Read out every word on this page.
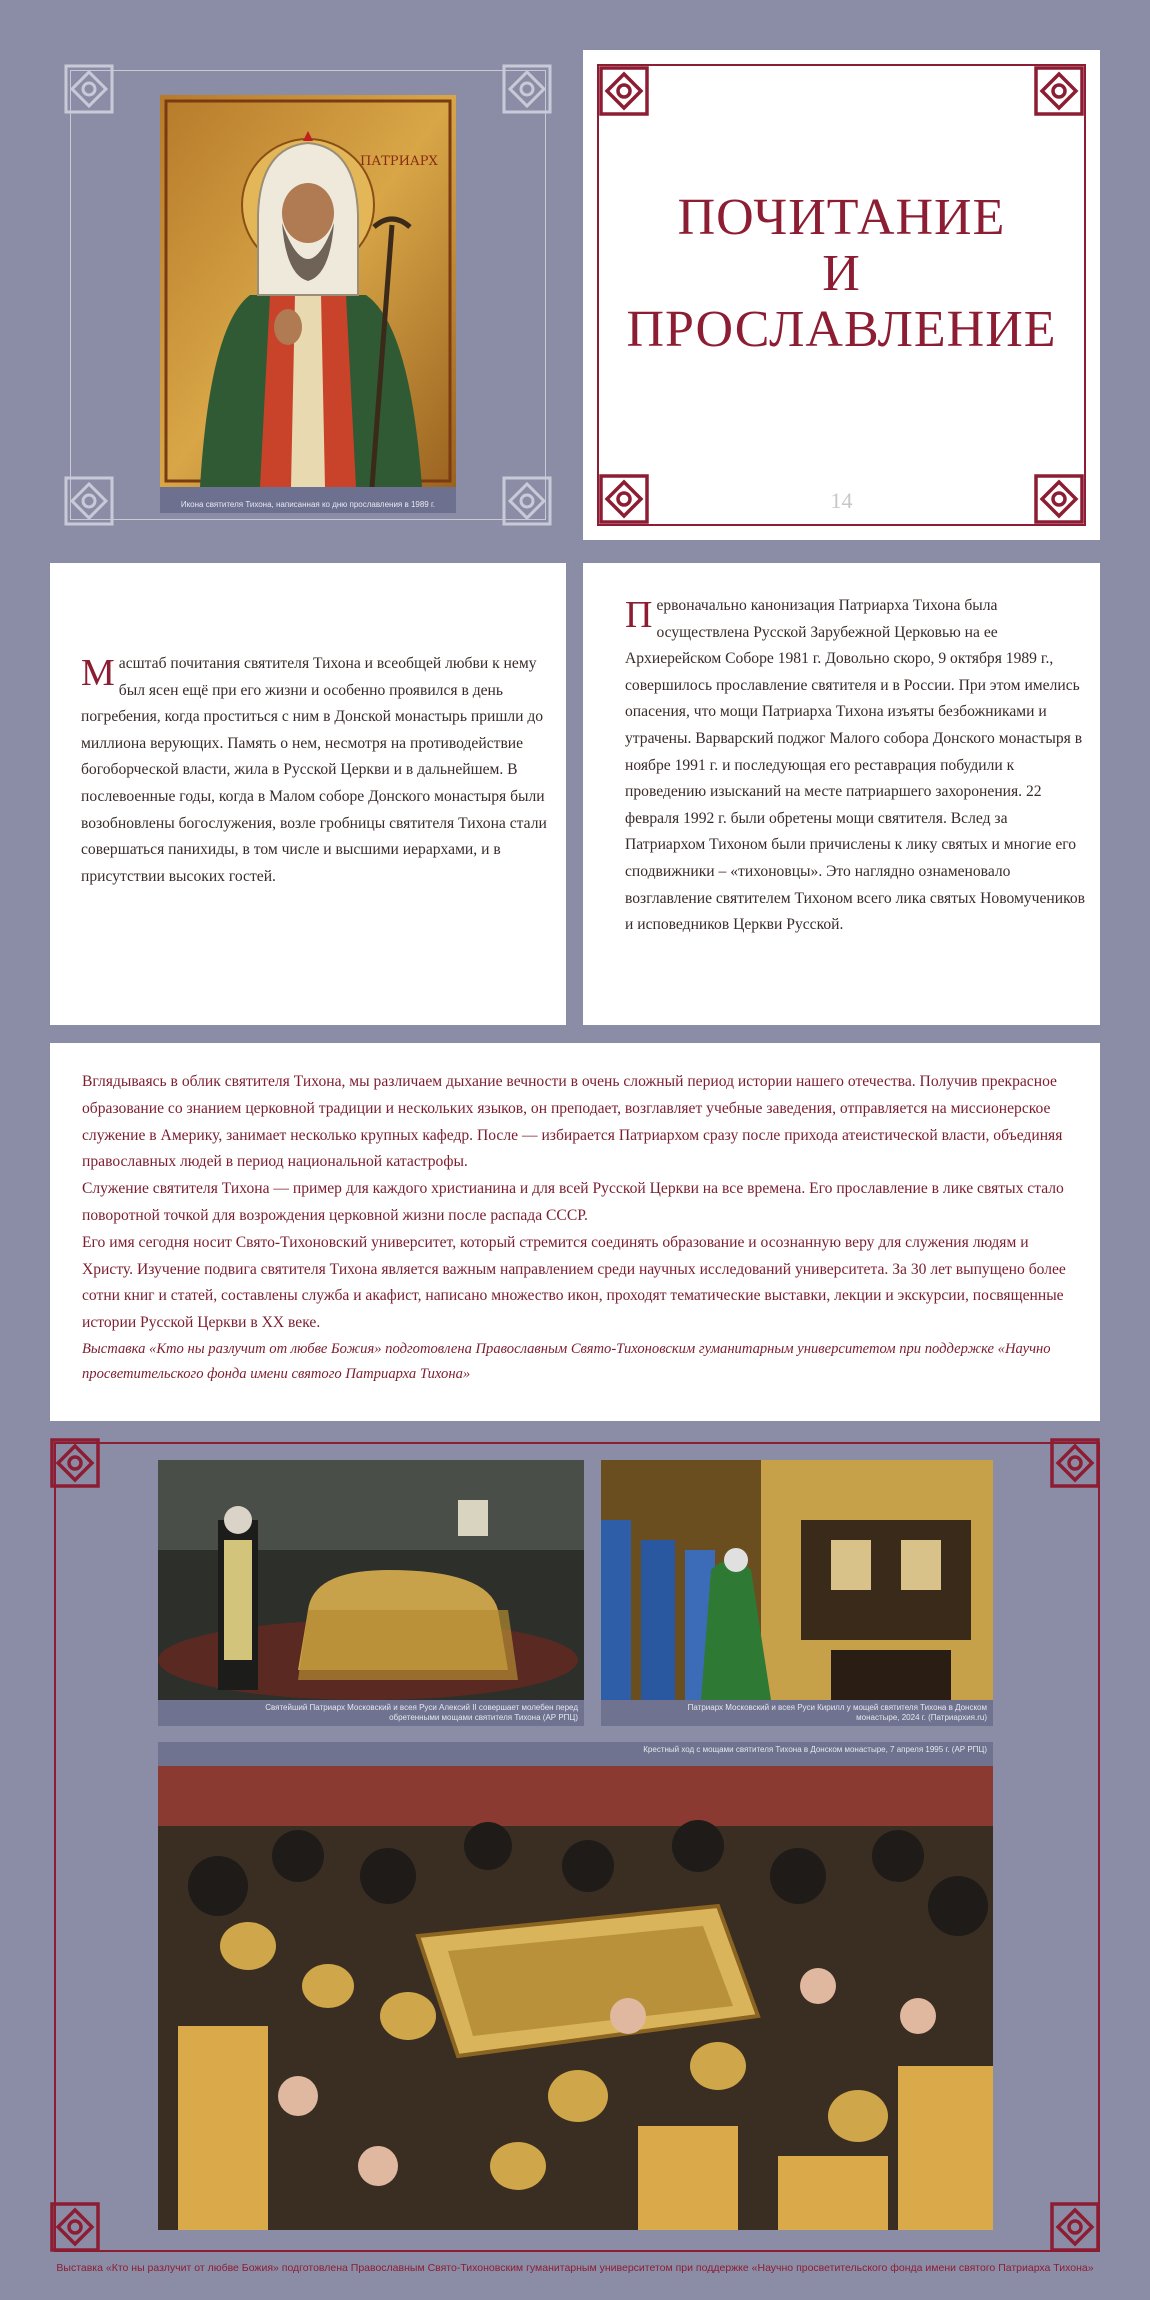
ПАТРИАРХ
Икона святителя Тихона, написанная ко дню прославления в 1989 г.
ПОЧИТАНИЕ
И
ПРОСЛАВЛЕНИЕ
14
Масштаб почитания святителя Тихона и всеобщей любви к нему был ясен ещё при его жизни и особенно проявился в день погребения, когда проститься с ним в Донской монастырь пришли до миллиона верующих. Память о нем, несмотря на противодействие богоборческой власти, жила в Русской Церкви и в дальнейшем. В послевоенные годы, когда в Малом соборе Донского монастыря были возобновлены богослужения, возле гробницы святителя Тихона стали совершаться панихиды, в том числе и высшими иерархами, и в присутствии высоких гостей.
Первоначально канонизация Патриарха Тихона была осуществлена Русской Зарубежной Церковью на ее Архиерейском Соборе 1981 г. Довольно скоро, 9 октября 1989 г., совершилось прославление святителя и в России. При этом имелись опасения, что мощи Патриарха Тихона изъяты безбожниками и утрачены. Варварский поджог Малого собора Донского монастыря в ноябре 1991 г. и последующая его реставрация побудили к проведению изысканий на месте патриаршего захоронения. 22 февраля 1992 г. были обретены мощи святителя. Вслед за Патриархом Тихоном были причислены к лику святых и многие его сподвижники – «тихоновцы». Это наглядно ознаменовало возглавление святителем Тихоном всего лика святых Новомучеников и исповедников Церкви Русской.

Вглядываясь в облик святителя Тихона, мы различаем дыхание вечности в очень сложный период истории нашего отечества. Получив прекрасное образование со знанием церковной традиции и нескольких языков, он преподает, возглавляет учебные заведения, отправляется на миссионерское служение в Америку, занимает несколько крупных кафедр. После — избирается Патриархом сразу после прихода атеистической власти, объединяя православных людей в период национальной катастрофы.

Служение святителя Тихона — пример для каждого христианина и для всей Русской Церкви на все времена. Его прославление в лике святых стало поворотной точкой для возрождения церковной жизни после распада СССР.

Его имя сегодня носит Свято-Тихоновский университет, который стремится соединять образование и осознанную веру для служения людям и Христу. Изучение подвига святителя Тихона является важным направлением среди научных исследований университета. За 30 лет выпущено более сотни книг и статей, составлены служба и акафист, написано множество икон, проходят тематические выставки, лекции и экскурсии, посвященные истории Русской Церкви в XX веке.

Выставка «Кто ны разлучит от любве Божия» подготовлена Православным Свято-Тихоновским гуманитарным университетом при поддержке «Научно просветительского фонда имени святого Патриарха Тихона»

Святейший Патриарх Московский и всея Руси Алексий II совершает молебен перед обретенными мощами святителя Тихона (АР РПЦ)
Патриарх Московский и всея Руси Кирилл у мощей святителя Тихона в Донском монастыре, 2024 г. (Патриархия.ru)
Крестный ход с мощами святителя Тихона в Донском монастыре, 7 апреля 1995 г. (АР РПЦ)
Выставка «Кто ны разлучит от любве Божия» подготовлена Православным Свято-Тихоновским гуманитарным университетом при поддержке «Научно просветительского фонда имени святого Патриарха Тихона»
